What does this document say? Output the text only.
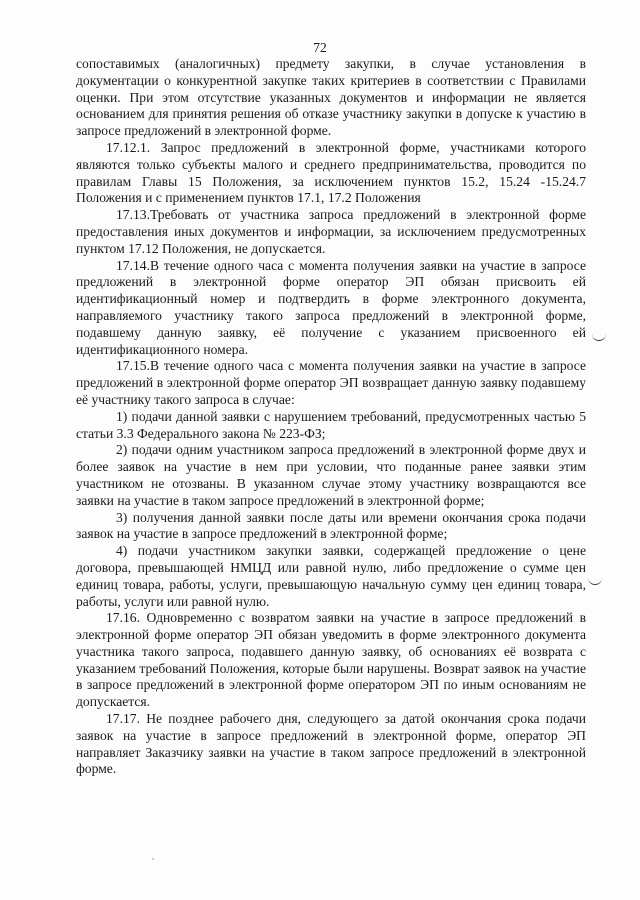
72

сопоставимых (аналогичных) предмету закупки, в случае установления в документации о конкурентной закупке таких критериев в соответствии с Правилами оценки. При этом отсутствие указанных документов и информации не является основанием для принятия решения об отказе участнику закупки в допуске к участию в запросе предложений в электронной форме.

17.12.1. Запрос предложений в электронной форме, участниками которого являются только субъекты малого и среднего предпринимательства, проводится по правилам Главы 15 Положения, за исключением пунктов 15.2, 15.24 -15.24.7 Положения и с применением пунктов 17.1, 17.2 Положения

17.13.Требовать от участника запроса предложений в электронной форме предоставления иных документов и информации, за исключением предусмотренных пунктом 17.12 Положения, не допускается.

17.14.В течение одного часа с момента получения заявки на участие в запросе предложений в электронной форме оператор ЭП обязан присвоить ей идентификационный номер и подтвердить в форме электронного документа, направляемого участнику такого запроса предложений в электронной форме, подавшему данную заявку, её получение с указанием присвоенного ей идентификационного номера.

17.15.В течение одного часа с момента получения заявки на участие в запросе предложений в электронной форме оператор ЭП возвращает данную заявку подавшему её участнику такого запроса в случае:

1) подачи данной заявки с нарушением требований, предусмотренных частью 5 статьи 3.3 Федерального закона № 223-ФЗ;

2) подачи одним участником запроса предложений в электронной форме двух и более заявок на участие в нем при условии, что поданные ранее заявки этим участником не отозваны. В указанном случае этому участнику возвращаются все заявки на участие в таком запросе предложений в электронной форме;

3) получения данной заявки после даты или времени окончания срока подачи заявок на участие в запросе предложений в электронной форме;

4) подачи участником закупки заявки, содержащей предложение о цене договора, превышающей НМЦД или равной нулю, либо предложение о сумме цен единиц товара, работы, услуги, превышающую начальную сумму цен единиц товара, работы, услуги или равной нулю.

17.16. Одновременно с возвратом заявки на участие в запросе предложений в электронной форме оператор ЭП обязан уведомить в форме электронного документа участника такого запроса, подавшего данную заявку, об основаниях её возврата с указанием требований Положения, которые были нарушены. Возврат заявок на участие в запросе предложений в электронной форме оператором ЭП по иным основаниям не допускается.

17.17. Не позднее рабочего дня, следующего за датой окончания срока подачи заявок на участие в запросе предложений в электронной форме, оператор ЭП направляет Заказчику заявки на участие в таком запросе предложений в электронной форме.
